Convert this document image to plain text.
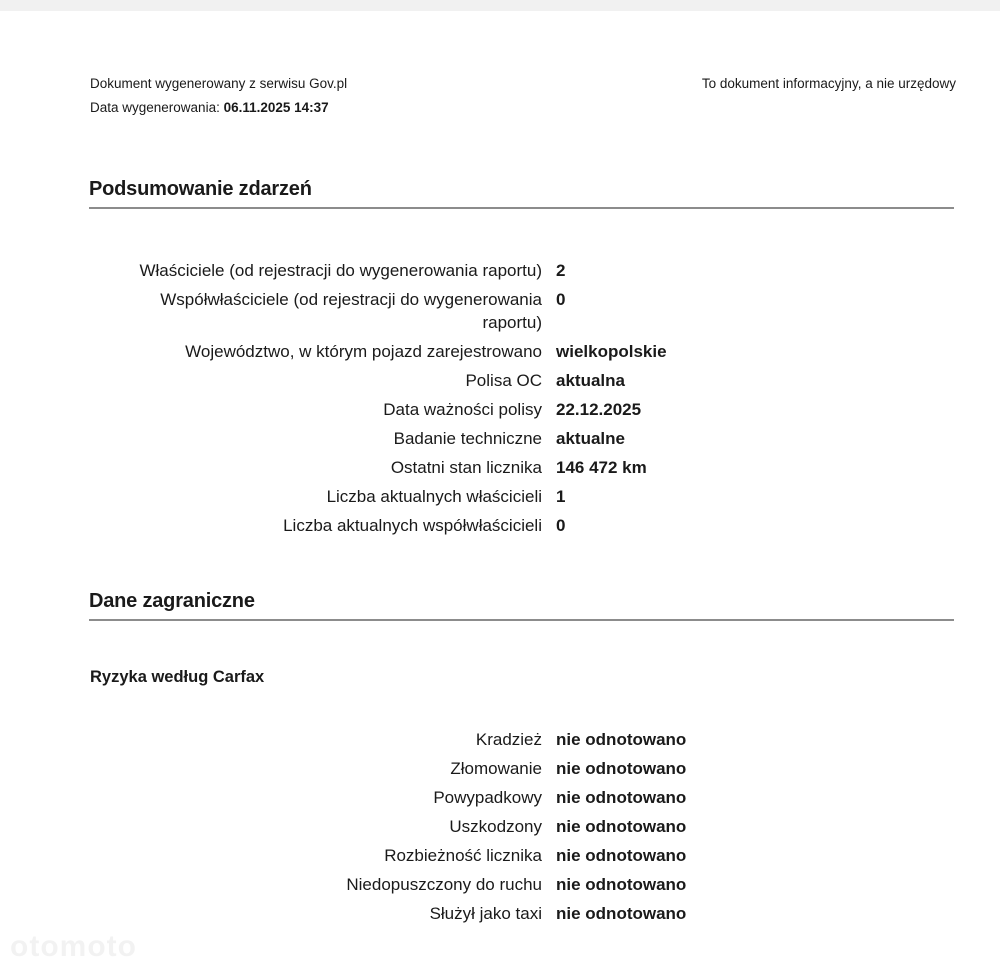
Dokument wygenerowany z serwisu Gov.pl
Data wygenerowania: 06.11.2025 14:37
To dokument informacyjny, a nie urzędowy
Podsumowanie zdarzeń
Właściciele (od rejestracji do wygenerowania raportu) 2
Współwłaściciele (od rejestracji do wygenerowania raportu)
0
Województwo, w którym pojazd zarejestrowano wielkopolskie
Polisa OC aktualna
Data ważności polisy 22.12.2025
Badanie techniczne aktualne
Ostatni stan licznika 146 472 km
Liczba aktualnych właścicieli 1
Liczba aktualnych współwłaścicieli 0
Dane zagraniczne
Ryzyka według Carfax
Kradzież nie odnotowano
Złomowanie nie odnotowano
Powypadkowy nie odnotowano
Uszkodzony nie odnotowano
Rozbieżność licznika nie odnotowano
Niedopuszczony do ruchu nie odnotowano
Służył jako taxi nie odnotowano
otomoto
